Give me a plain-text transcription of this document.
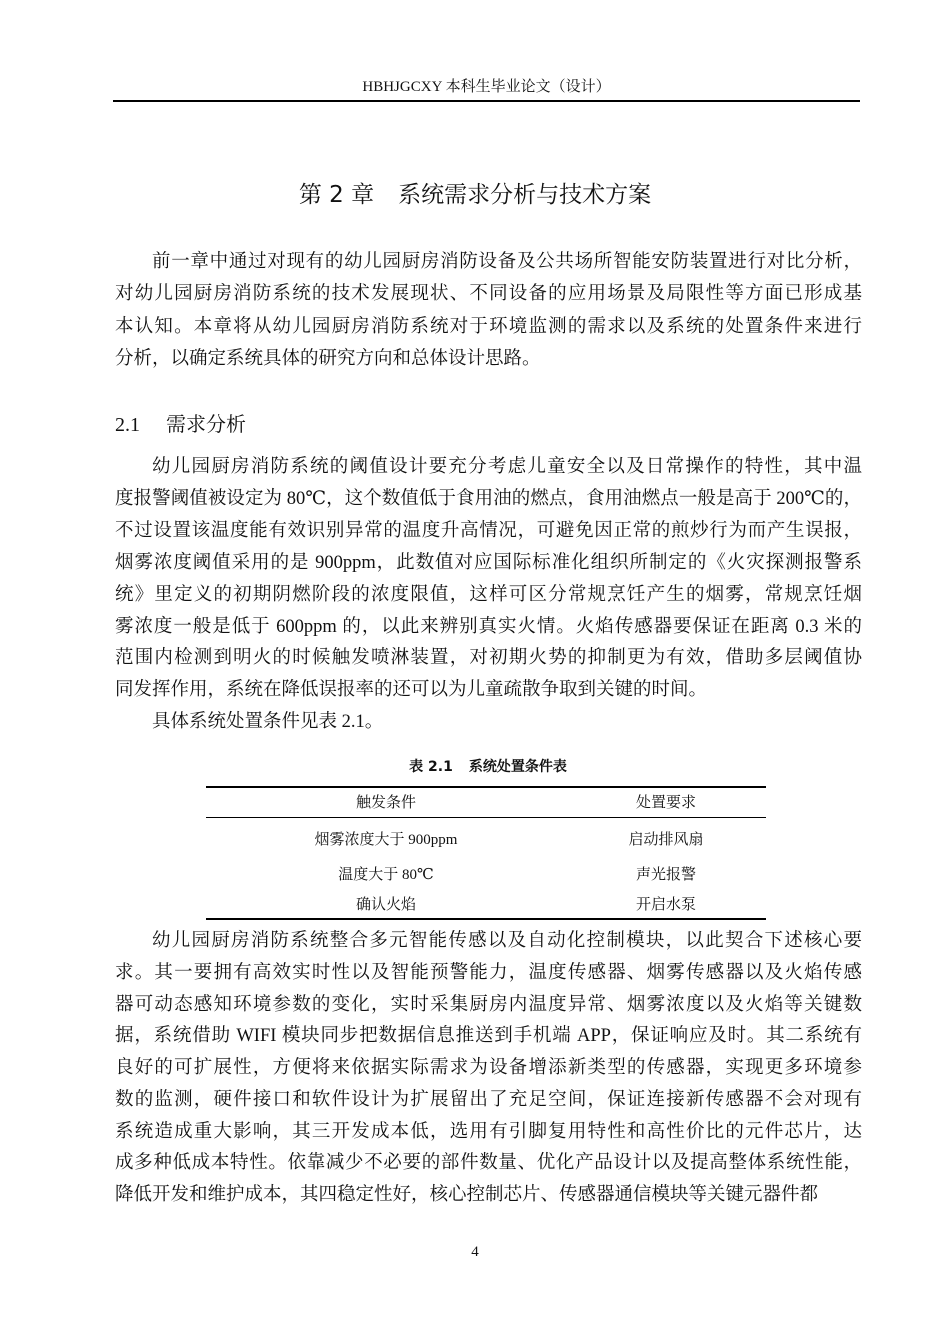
HBHJGCXY 本科生毕业论文（设计）
第 2 章 系统需求分析与技术方案
前一章中通过对现有的幼儿园厨房消防设备及公共场所智能安防装置进行对比分析，
对幼儿园厨房消防系统的技术发展现状、不同设备的应用场景及局限性等方面已形成基
本认知。本章将从幼儿园厨房消防系统对于环境监测的需求以及系统的处置条件来进行
分析，以确定系统具体的研究方向和总体设计思路。
2.1 需求分析
幼儿园厨房消防系统的阈值设计要充分考虑儿童安全以及日常操作的特性，其中温
度报警阈值被设定为 80℃，这个数值低于食用油的燃点，食用油燃点一般是高于 200℃的，
不过设置该温度能有效识别异常的温度升高情况，可避免因正常的煎炒行为而产生误报，
烟雾浓度阈值采用的是 900ppm，此数值对应国际标准化组织所制定的《火灾探测报警系
统》里定义的初期阴燃阶段的浓度限值，这样可区分常规烹饪产生的烟雾，常规烹饪烟
雾浓度一般是低于 600ppm 的，以此来辨别真实火情。火焰传感器要保证在距离 0.3 米的
范围内检测到明火的时候触发喷淋装置，对初期火势的抑制更为有效，借助多层阈值协
同发挥作用，系统在降低误报率的还可以为儿童疏散争取到关键的时间。
具体系统处置条件见表 2.1。
表 2.1 系统处置条件表
触发条件	处置要求
烟雾浓度大于 900ppm	启动排风扇
温度大于 80℃	声光报警
确认火焰	开启水泵
幼儿园厨房消防系统整合多元智能传感以及自动化控制模块，以此契合下述核心要
求。其一要拥有高效实时性以及智能预警能力，温度传感器、烟雾传感器以及火焰传感
器可动态感知环境参数的变化，实时采集厨房内温度异常、烟雾浓度以及火焰等关键数
据，系统借助 WIFI 模块同步把数据信息推送到手机端 APP，保证响应及时。其二系统有
良好的可扩展性，方便将来依据实际需求为设备增添新类型的传感器，实现更多环境参
数的监测，硬件接口和软件设计为扩展留出了充足空间，保证连接新传感器不会对现有
系统造成重大影响，其三开发成本低，选用有引脚复用特性和高性价比的元件芯片，达
成多种低成本特性。依靠减少不必要的部件数量、优化产品设计以及提高整体系统性能，
降低开发和维护成本，其四稳定性好，核心控制芯片、传感器通信模块等关键元器件都
4
